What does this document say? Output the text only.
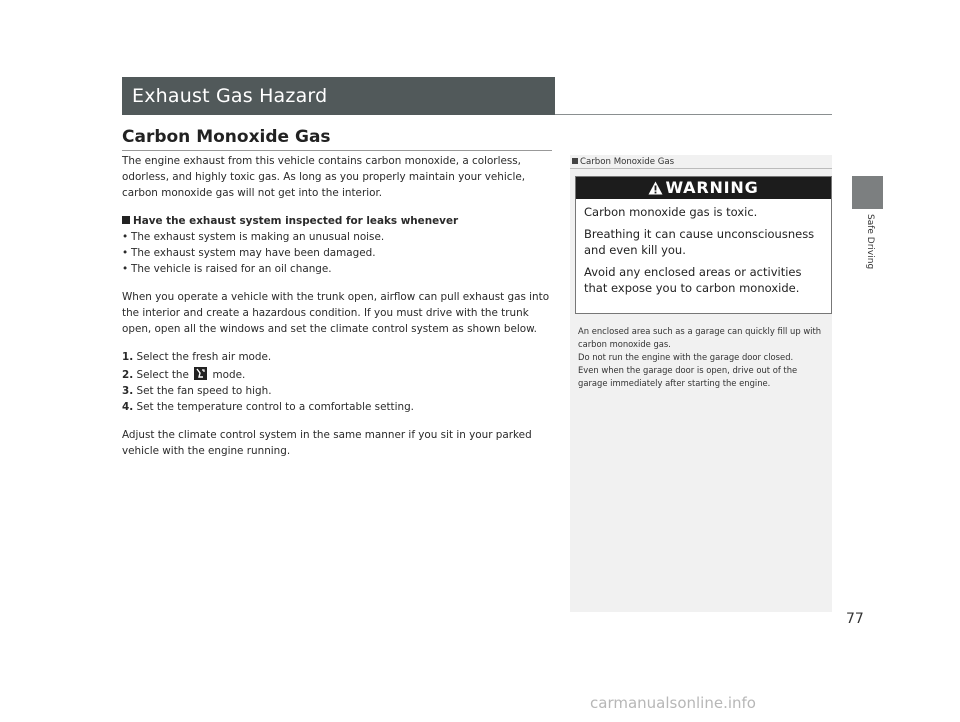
Exhaust Gas Hazard
Safe Driving
Carbon Monoxide Gas

The engine exhaust from this vehicle contains carbon monoxide, a colorless, odorless, and highly toxic gas. As long as you properly maintain your vehicle, carbon monoxide gas will not get into the interior.

Have the exhaust system inspected for leaks whenever

• The exhaust system is making an unusual noise.

• The exhaust system may have been damaged.

• The vehicle is raised for an oil change.

When you operate a vehicle with the trunk open, airflow can pull exhaust gas into the interior and create a hazardous condition. If you must drive with the trunk open, open all the windows and set the climate control system as shown below.

1. Select the fresh air mode.

2. Select the mode.

3. Set the fan speed to high.

4. Set the temperature control to a comfortable setting.

Adjust the climate control system in the same manner if you sit in your parked vehicle with the engine running.

Carbon Monoxide Gas
WARNING

Carbon monoxide gas is toxic.

Breathing it can cause unconsciousness and even kill you.

Avoid any enclosed areas or activities that expose you to carbon monoxide.

An enclosed area such as a garage can quickly fill up with carbon monoxide gas.

Do not run the engine with the garage door closed.

Even when the garage door is open, drive out of the garage immediately after starting the engine.

77
carmanualsonline.info
